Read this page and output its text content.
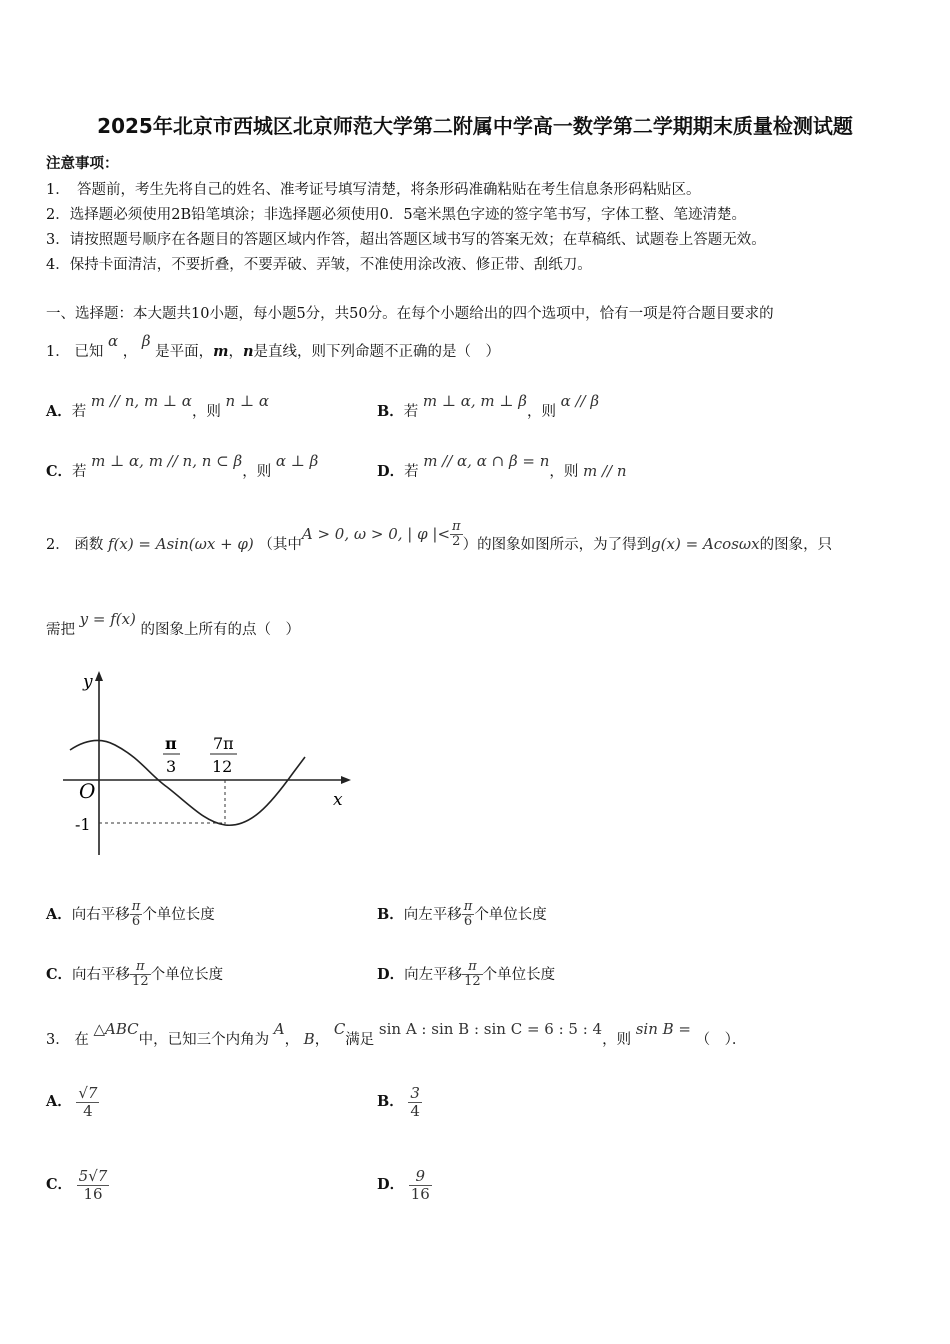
2025年北京市西城区北京师范大学第二附属中学高一数学第二学期期末质量检测试题
注意事项：
1．　答题前，考生先将自己的姓名、准考证号填写清楚，将条形码准确粘贴在考生信息条形码粘贴区。
2．选择题必须使用2B铅笔填涂；非选择题必须使用0．5毫米黑色字迹的签字笔书写，字体工整、笔迹清楚。
3．请按照题号顺序在各题目的答题区域内作答，超出答题区域书写的答案无效；在草稿纸、试题卷上答题无效。
4．保持卡面清洁，不要折叠，不要弄破、弄皱，不准使用涂改液、修正带、刮纸刀。
一、选择题：本大题共10小题，每小题5分，共50分。在每个小题给出的四个选项中，恰有一项是符合题目要求的
1． 已知 α ， β 是平面，m，n是直线，则下列命题不正确的是（　）
A．若 m // n, m ⊥ α，则 n ⊥ α
B．若 m ⊥ α, m ⊥ β，则 α // β
C．若 m ⊥ α, m // n, n ⊂ β，则 α ⊥ β
D．若 m // α, α ∩ β = n，则 m // n
2． 函数 f(x) = Asin(ωx + φ) （其中A > 0, ω > 0, | φ |< $\frac{\pi}{2}$ ）的图象如图所示，为了得到g(x) = Acosωx的图象，只
需把 y = f(x) 的图象上所有的点（　）
y
x
O
-1
π
3
7π
12
A．向右平移 $\frac{\pi}{6}$ 个单位长度	B．向左平移 $\frac{\pi}{6}$ 个单位长度
C．向右平移 $\frac{\pi}{12}$ 个单位长度	D．向左平移 $\frac{\pi}{12}$ 个单位长度
3． 在 △ABC中，已知三个内角为 A， B， C满足 sin A : sin B : sin C = 6 : 5 : 4，则 sin B = （　）．
A． $\frac{√7}{4}$	B． $\frac{3}{4}$
C． $\frac{5√7}{16}$	D． $\frac{9}{16}$
